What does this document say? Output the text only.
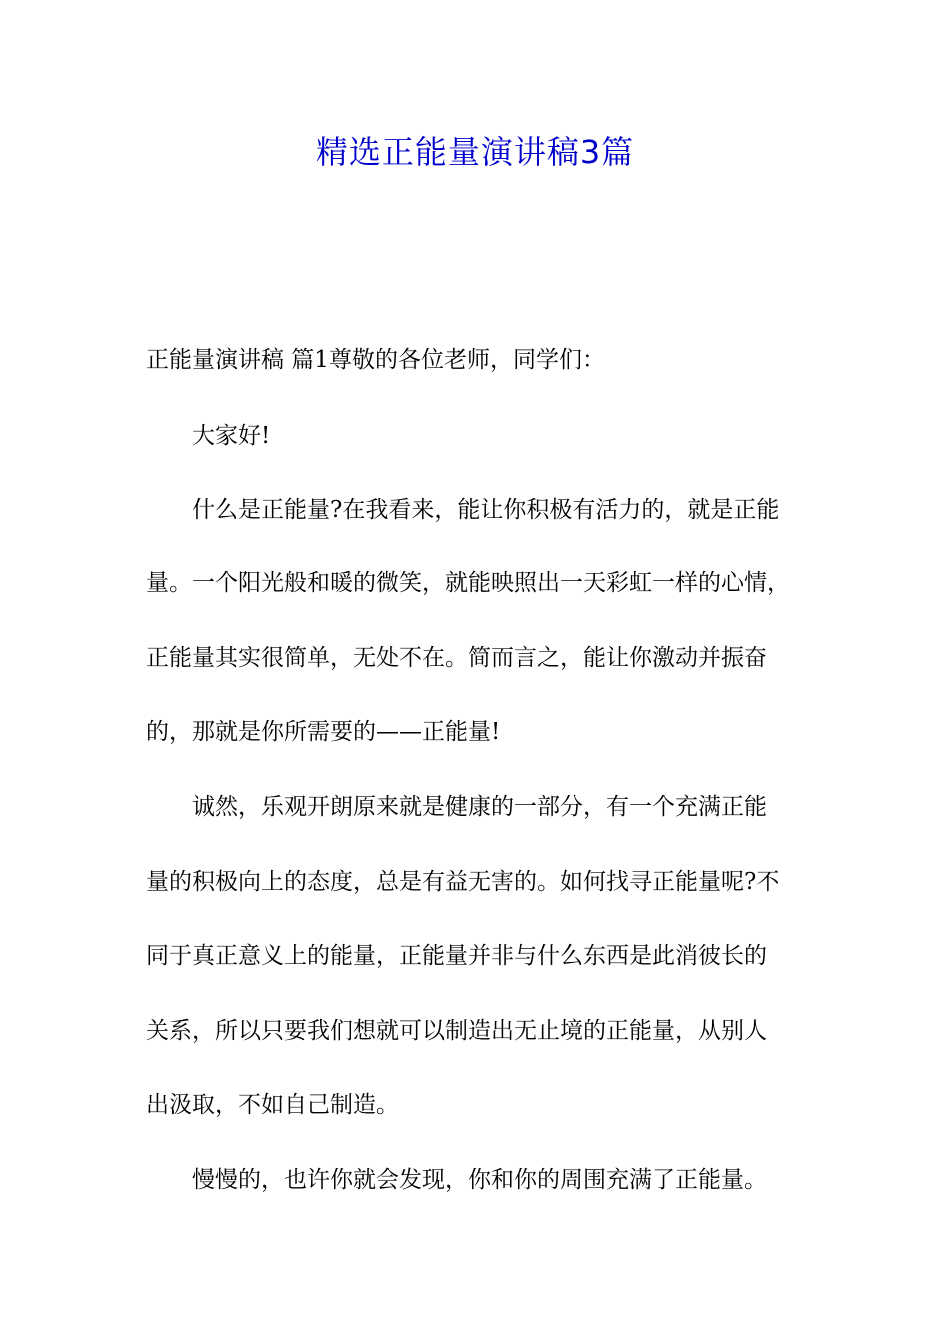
精选正能量演讲稿3篇
正能量演讲稿 篇1尊敬的各位老师，同学们：
大家好!
什么是正能量?在我看来，能让你积极有活力的，就是正能
量。一个阳光般和暖的微笑，就能映照出一天彩虹一样的心情，
正能量其实很简单，无处不在。简而言之，能让你激动并振奋
的，那就是你所需要的——正能量!
诚然，乐观开朗原来就是健康的一部分，有一个充满正能
量的积极向上的态度，总是有益无害的。如何找寻正能量呢?不
同于真正意义上的能量，正能量并非与什么东西是此消彼长的
关系，所以只要我们想就可以制造出无止境的正能量，从别人
出汲取，不如自己制造。
慢慢的，也许你就会发现，你和你的周围充满了正能量。
